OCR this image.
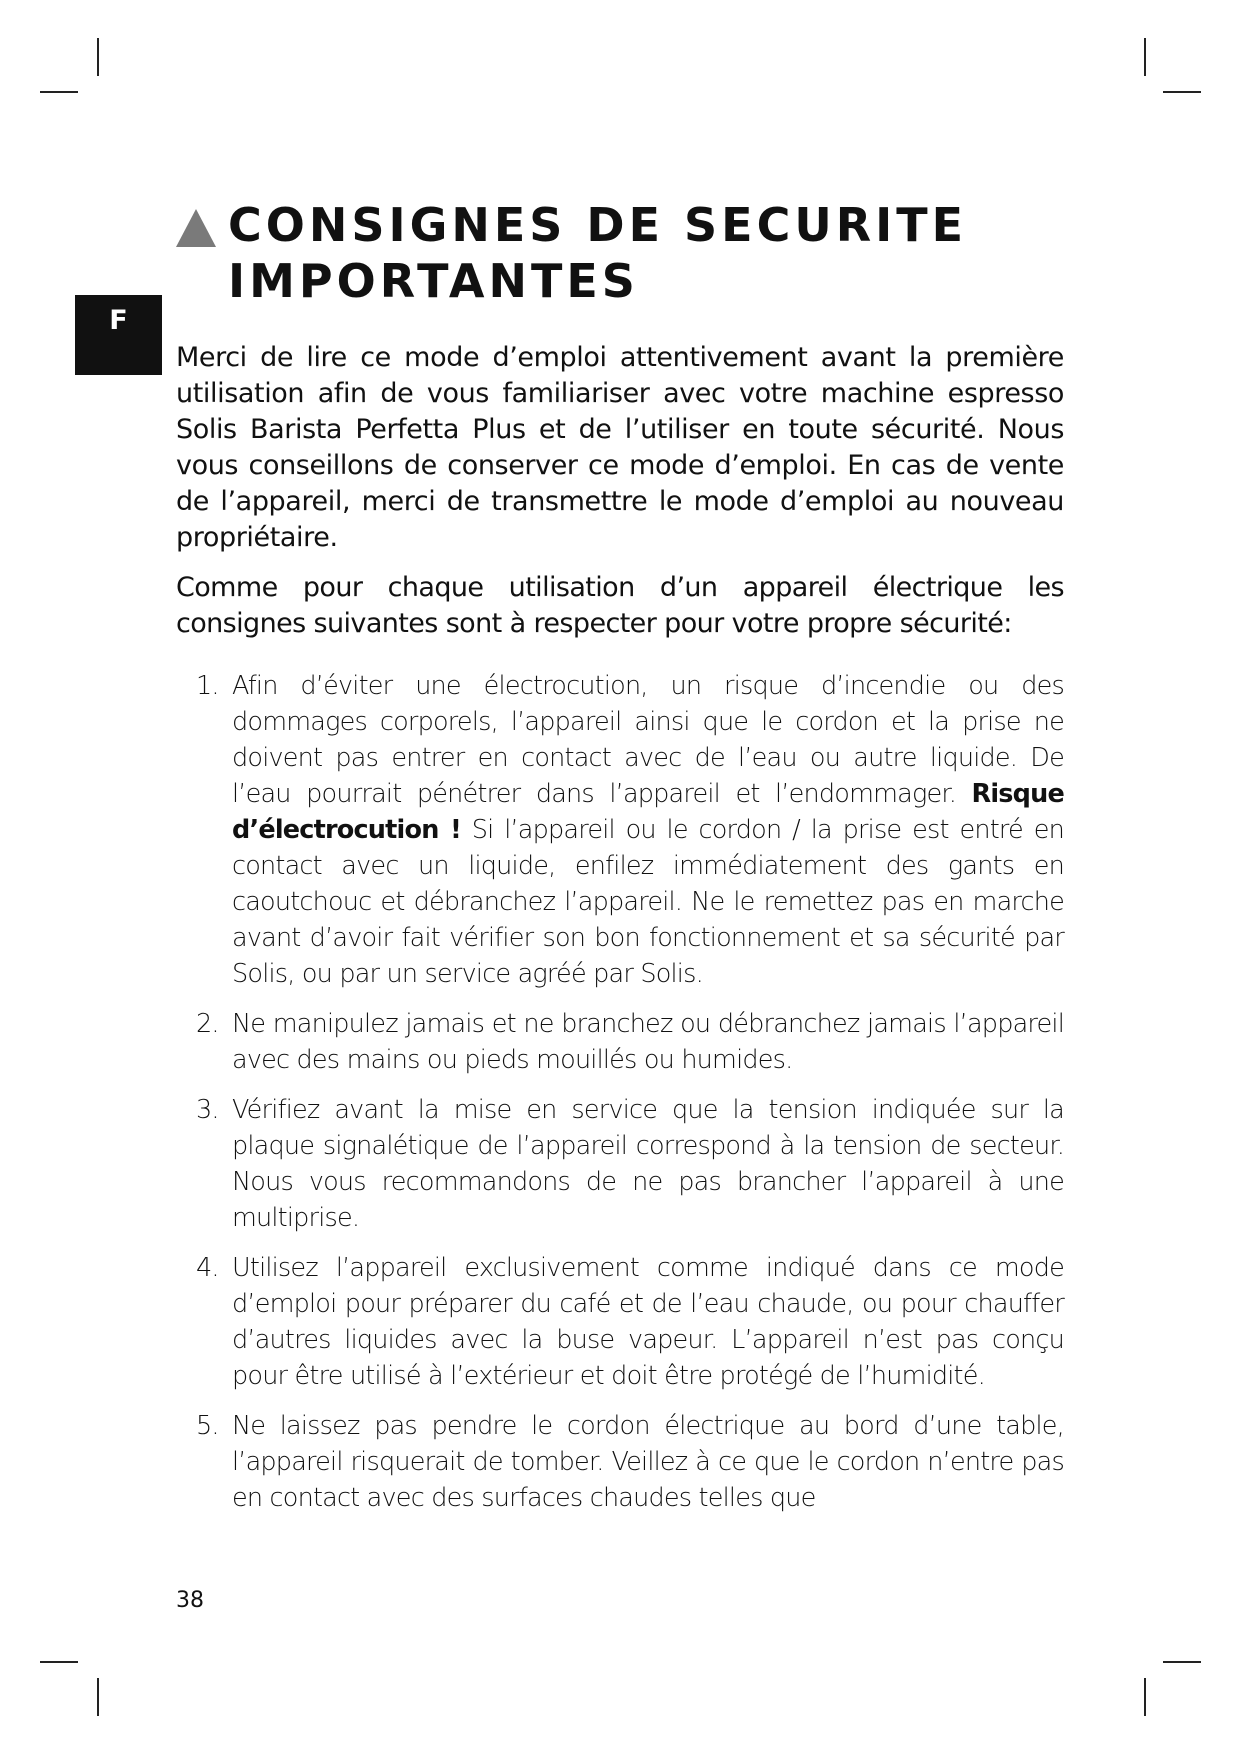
F
CONSIGNES DE SECURITE
IMPORTANTES

Merci de lire ce mode d’emploi attentivement avant la première utilisation afin de vous familiariser avec votre machine espresso Solis Barista Perfetta Plus et de l’utiliser en toute sécurité. Nous vous conseillons de conserver ce mode d’emploi. En cas de vente de l’appareil, merci de transmettre le mode d’emploi au nouveau propriétaire.

Comme pour chaque utilisation d’un appareil électrique les consignes suivantes sont à respecter pour votre propre sécurité:

1. Afin d’éviter une électrocution, un risque d’incendie ou des dommages corporels, l’appareil ainsi que le cordon et la prise ne doivent pas entrer en contact avec de l’eau ou autre liquide. De l’eau pourrait pénétrer dans l’appareil et l’endommager. Risque d’électrocution ! Si l’appareil ou le cordon / la prise est entré en contact avec un liquide, enfilez immédiatement des gants en caoutchouc et débranchez l’appareil. Ne le remettez pas en marche avant d’avoir fait vérifier son bon fonctionnement et sa sécurité par Solis, ou par un service agréé par Solis.
2. Ne manipulez jamais et ne branchez ou débranchez jamais l’appareil avec des mains ou pieds mouillés ou humides.
3. Vérifiez avant la mise en service que la tension indiquée sur la plaque signalétique de l’appareil correspond à la tension de secteur. Nous vous recommandons de ne pas brancher l’appareil à une multiprise.
4. Utilisez l’appareil exclusivement comme indiqué dans ce mode d’emploi pour préparer du café et de l’eau chaude, ou pour chauffer d’autres liquides avec la buse vapeur. L’appareil n’est pas conçu pour être utilisé à l’extérieur et doit être protégé de l’humidité.
5. Ne laissez pas pendre le cordon électrique au bord d’une table, l’appareil risquerait de tomber. Veillez à ce que le cordon n’entre pas en contact avec des surfaces chaudes telles que
38
